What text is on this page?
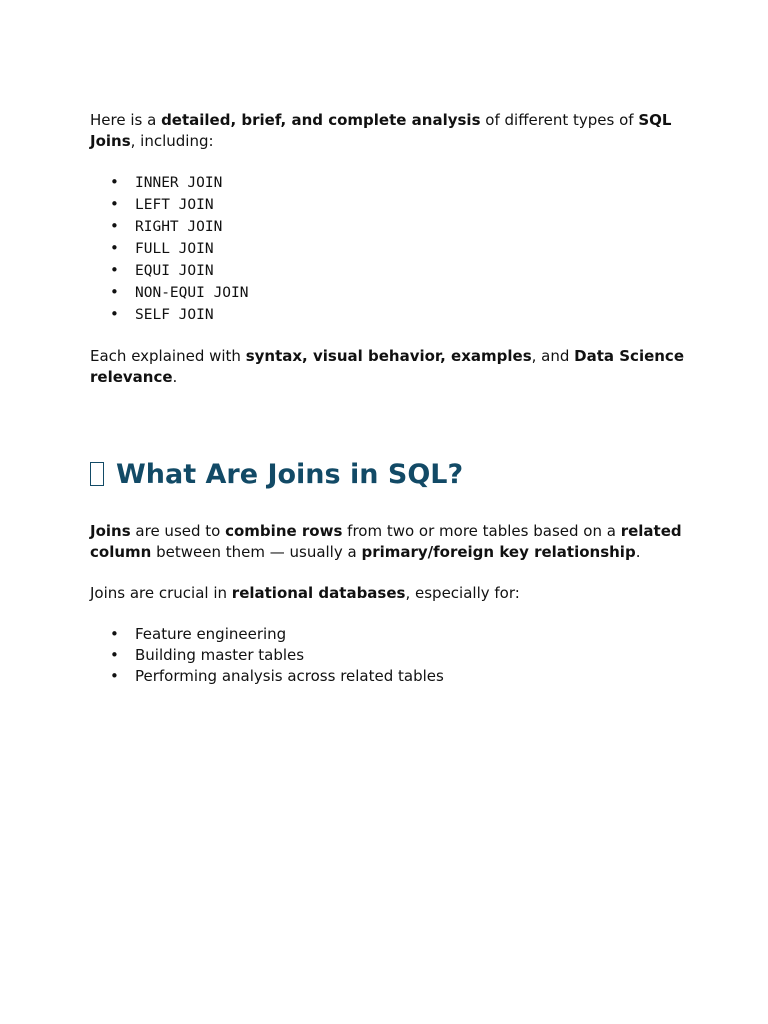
Here is a detailed, brief, and complete analysis of different types of SQL Joins, including:

• INNER JOIN
• LEFT JOIN
• RIGHT JOIN
• FULL JOIN
• EQUI JOIN
• NON-EQUI JOIN
• SELF JOIN

Each explained with syntax, visual behavior, examples, and Data Science relevance.

What Are Joins in SQL?

Joins are used to combine rows from two or more tables based on a related column between them — usually a primary/foreign key relationship.

Joins are crucial in relational databases, especially for:

• Feature engineering
• Building master tables
• Performing analysis across related tables
